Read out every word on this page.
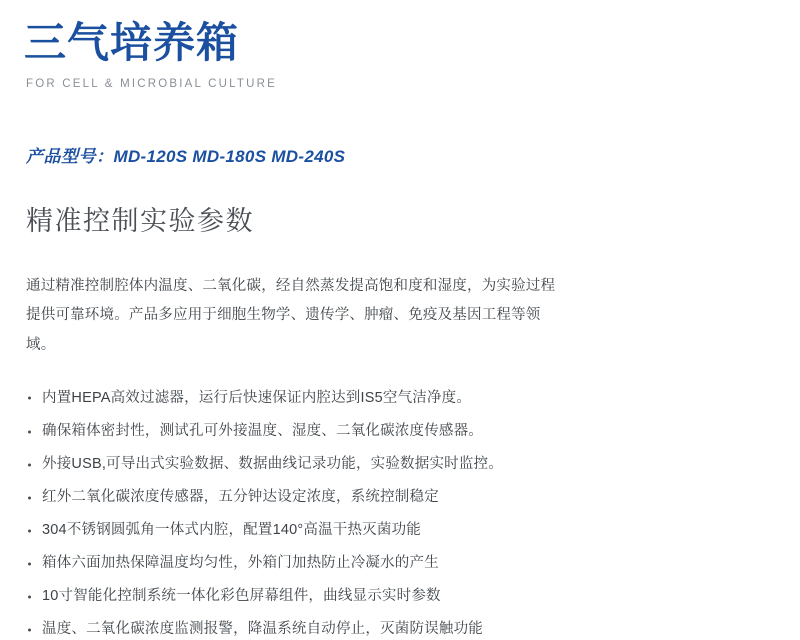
三气培养箱
FOR CELL & MICROBIAL CULTURE
产品型号：MD-120S MD-180S MD-240S
精准控制实验参数

通过精准控制腔体内温度、二氧化碳，经自然蒸发提高饱和度和湿度，为实验过程提供可靠环境。产品多应用于细胞生物学、遗传学、肿瘤、免疫及基因工程等领域。

内置HEPA高效过滤器，运行后快速保证内腔达到IS5空气洁净度。
确保箱体密封性，测试孔可外接温度、湿度、二氧化碳浓度传感器。
外接USB,可导出式实验数据、数据曲线记录功能，实验数据实时监控。
红外二氧化碳浓度传感器，五分钟达设定浓度，系统控制稳定
304不锈钢圆弧角一体式内腔，配置140°高温干热灭菌功能
箱体六面加热保障温度均匀性，外箱门加热防止冷凝水的产生
10寸智能化控制系统一体化彩色屏幕组件，曲线显示实时参数
温度、二氧化碳浓度监测报警，降温系统自动停止，灭菌防误触功能
